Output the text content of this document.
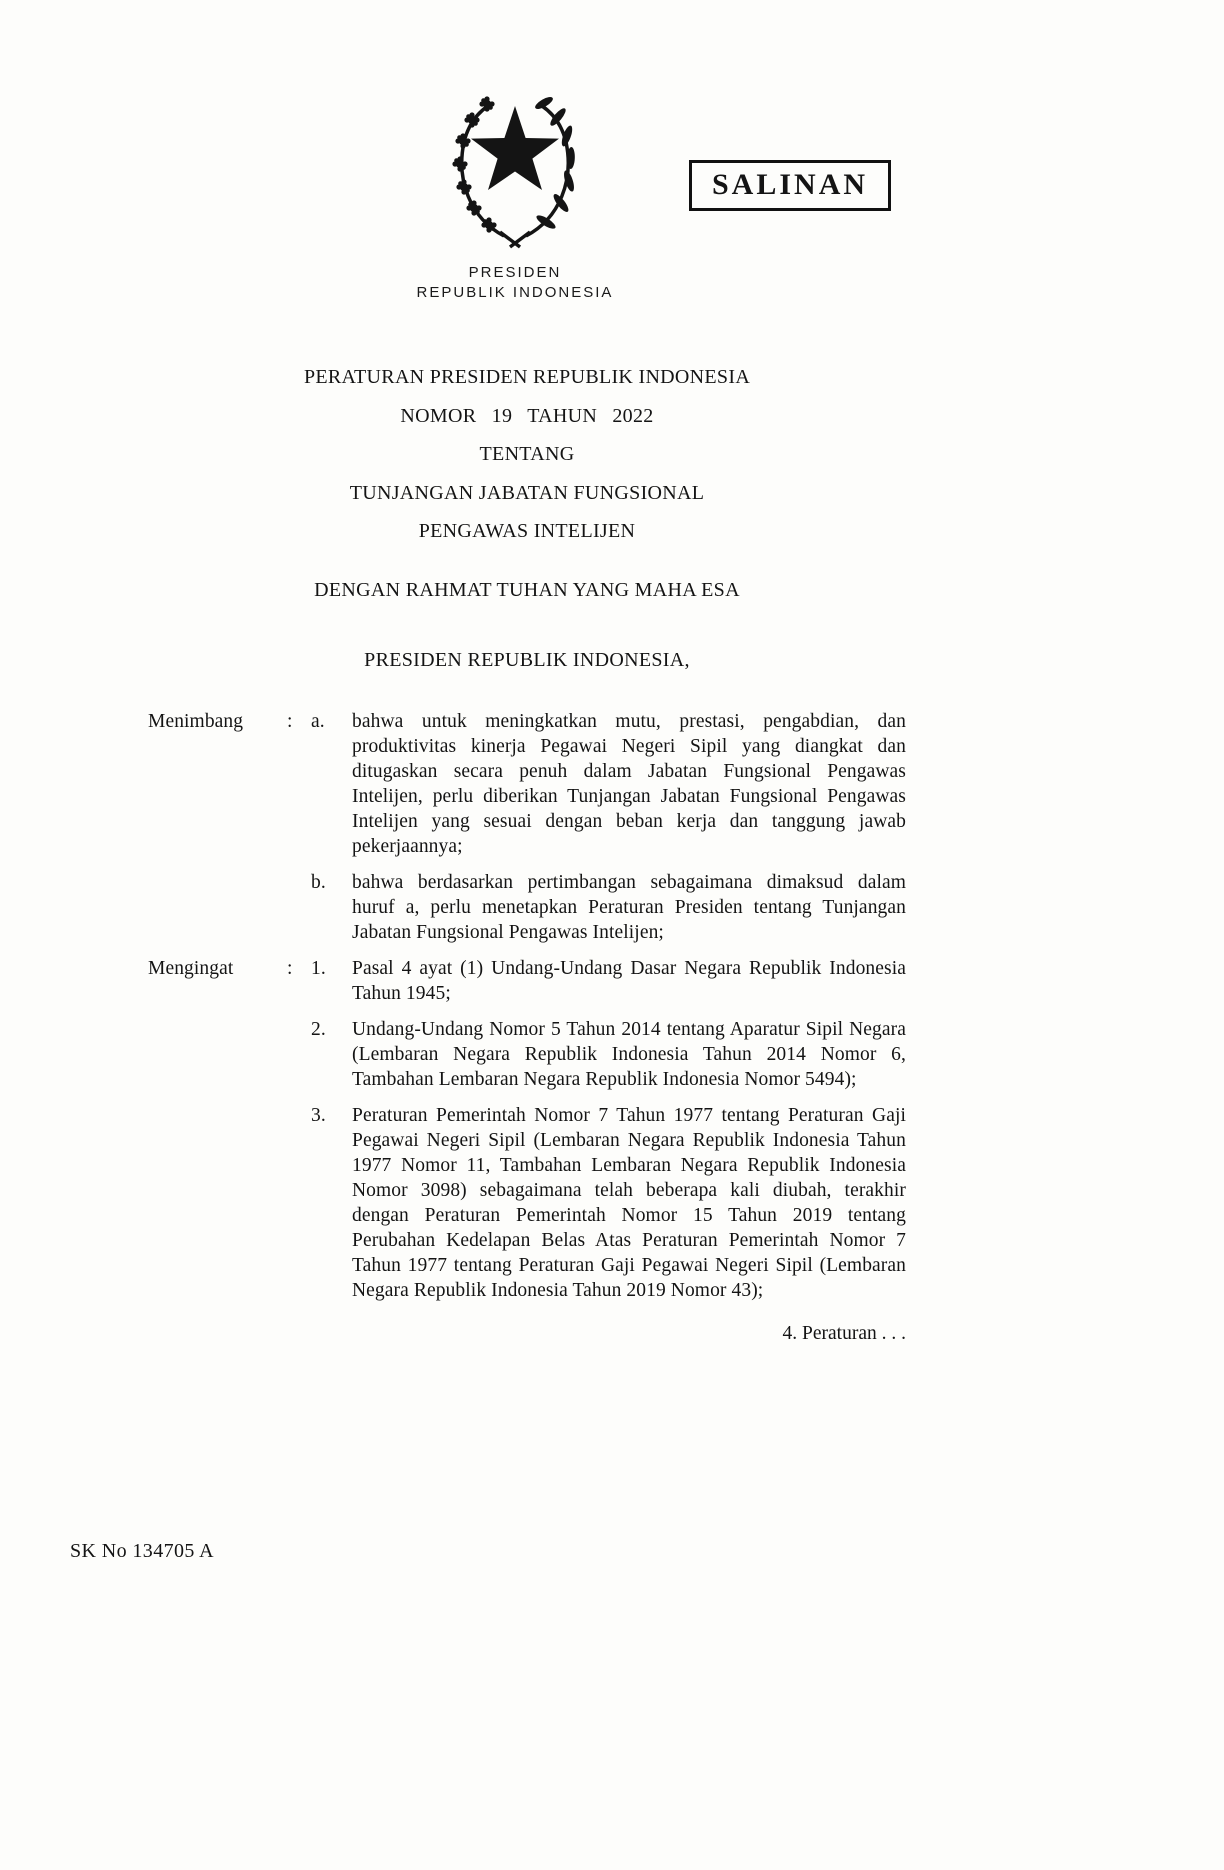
PRESIDEN
REPUBLIK INDONESIA
SALINAN
PERATURAN PRESIDEN REPUBLIK INDONESIA
NOMOR 19 TAHUN 2022
TENTANG
TUNJANGAN JABATAN FUNGSIONAL
PENGAWAS INTELIJEN
DENGAN RAHMAT TUHAN YANG MAHA ESA
PRESIDEN REPUBLIK INDONESIA,
Menimbang	: a.	bahwa untuk meningkatkan mutu, prestasi, pengabdian, dan produktivitas kinerja Pegawai Negeri Sipil yang diangkat dan ditugaskan secara penuh dalam Jabatan Fungsional Pengawas Intelijen, perlu diberikan Tunjangan Jabatan Fungsional Pengawas Intelijen yang sesuai dengan beban kerja dan tanggung jawab pekerjaannya;
b.	bahwa berdasarkan pertimbangan sebagaimana dimaksud dalam huruf a, perlu menetapkan Peraturan Presiden tentang Tunjangan Jabatan Fungsional Pengawas Intelijen;
Mengingat	: 1.	Pasal 4 ayat (1) Undang-Undang Dasar Negara Republik Indonesia Tahun 1945;
2.	Undang-Undang Nomor 5 Tahun 2014 tentang Aparatur Sipil Negara (Lembaran Negara Republik Indonesia Tahun 2014 Nomor 6, Tambahan Lembaran Negara Republik Indonesia Nomor 5494);
3.	Peraturan Pemerintah Nomor 7 Tahun 1977 tentang Peraturan Gaji Pegawai Negeri Sipil (Lembaran Negara Republik Indonesia Tahun 1977 Nomor 11, Tambahan Lembaran Negara Republik Indonesia Nomor 3098) sebagaimana telah beberapa kali diubah, terakhir dengan Peraturan Pemerintah Nomor 15 Tahun 2019 tentang Perubahan Kedelapan Belas Atas Peraturan Pemerintah Nomor 7 Tahun 1977 tentang Peraturan Gaji Pegawai Negeri Sipil (Lembaran Negara Republik Indonesia Tahun 2019 Nomor 43);
4. Peraturan . . .
SK No 134705 A
